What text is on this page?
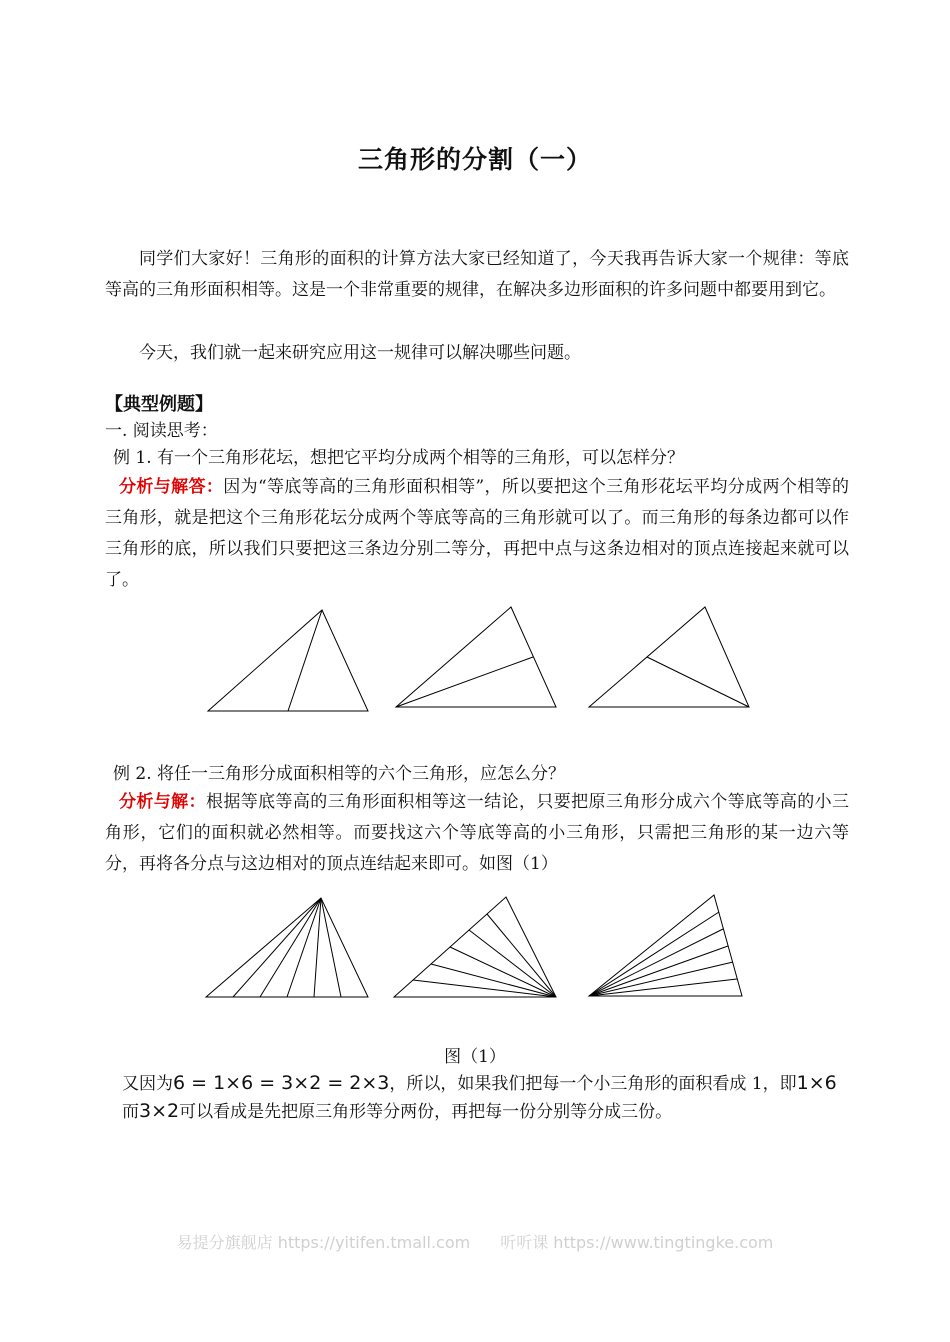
三角形的分割（一）
同学们大家好！三角形的面积的计算方法大家已经知道了，今天我再告诉大家一个规律：等底等高的三角形面积相等。这是一个非常重要的规律，在解决多边形面积的许多问题中都要用到它。
今天，我们就一起来研究应用这一规律可以解决哪些问题。
【典型例题】
一. 阅读思考：
例 1. 有一个三角形花坛，想把它平均分成两个相等的三角形，可以怎样分？
分析与解答：因为“等底等高的三角形面积相等”，所以要把这个三角形花坛平均分成两个相等的三角形，就是把这个三角形花坛分成两个等底等高的三角形就可以了。而三角形的每条边都可以作三角形的底，所以我们只要把这三条边分别二等分，再把中点与这条边相对的顶点连接起来就可以了。
例 2. 将任一三角形分成面积相等的六个三角形，应怎么分？
分析与解：根据等底等高的三角形面积相等这一结论，只要把原三角形分成六个等底等高的小三角形，它们的面积就必然相等。而要找这六个等底等高的小三角形，只需把三角形的某一边六等分，再将各分点与这边相对的顶点连结起来即可。如图（1）
图（1）
又因为6 = 1×6 = 3×2 = 2×3，所以，如果我们把每一个小三角形的面积看成 1，即1×6
而3×2可以看成是先把原三角形等分两份，再把每一份分别等分成三份。
易提分旗舰店 https://yitifen.tmall.com 听听课 https://www.tingtingke.com
